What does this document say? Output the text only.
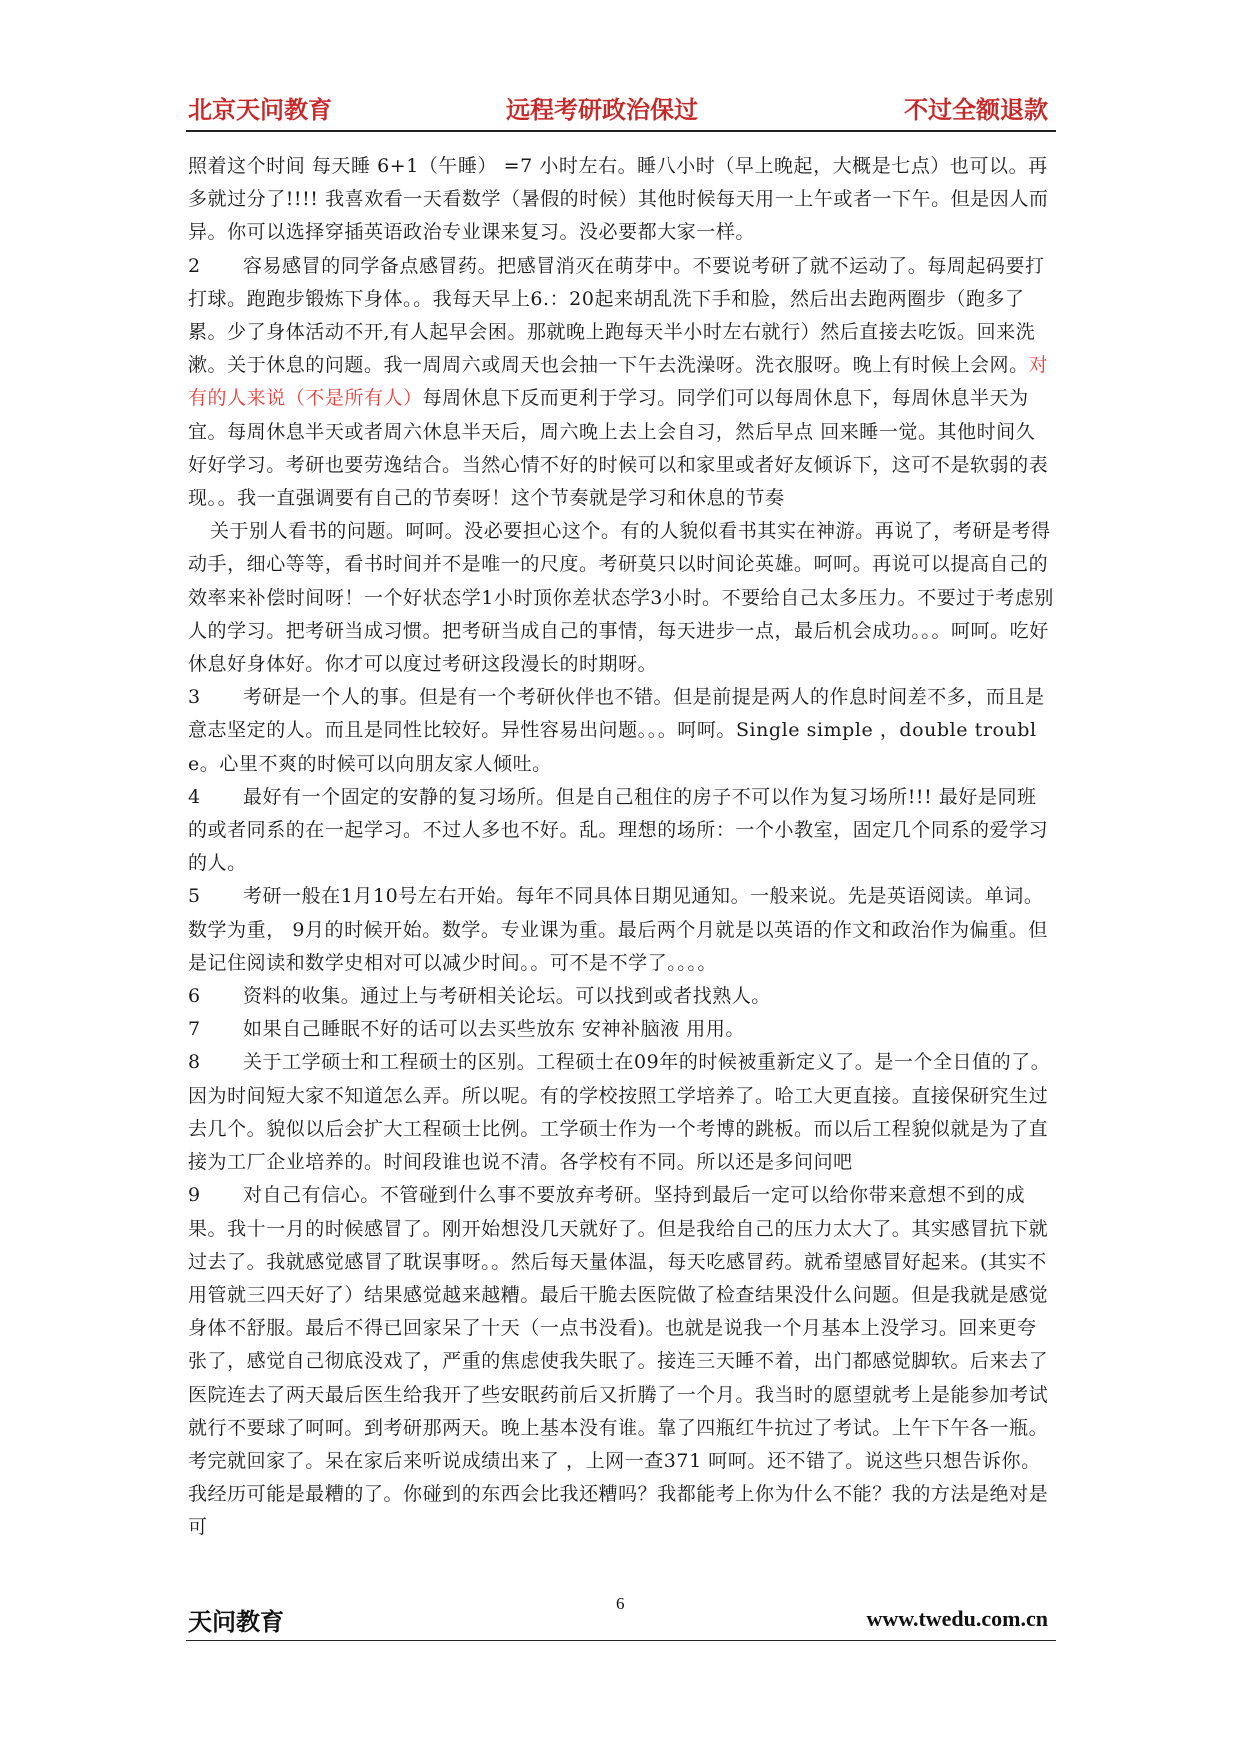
北京天问教育	远程考研政治保过	不过全额退款

照着这个时间 每天睡 6+1（午睡） =7 小时左右。睡八小时（早上晚起，大概是七点）也可以。再多就过分了!!!! 我喜欢看一天看数学（暑假的时候）其他时候每天用一上午或者一下午。但是因人而异。你可以选择穿插英语政治专业课来复习。没必要都大家一样。

2 容易感冒的同学备点感冒药。把感冒消灭在萌芽中。不要说考研了就不运动了。每周起码要打打球。跑跑步锻炼下身体。。我每天早上6.：20起来胡乱洗下手和脸，然后出去跑两圈步（跑多了累。少了身体活动不开,有人起早会困。那就晚上跑每天半小时左右就行）然后直接去吃饭。回来洗漱。关于休息的问题。我一周周六或周天也会抽一下午去洗澡呀。洗衣服呀。晚上有时候上会网。对有的人来说（不是所有人）每周休息下反而更利于学习。同学们可以每周休息下，每周休息半天为宜。每周休息半天或者周六休息半天后，周六晚上去上会自习，然后早点 回来睡一觉。其他时间久好好学习。考研也要劳逸结合。当然心情不好的时候可以和家里或者好友倾诉下，这可不是软弱的表现。。我一直强调要有自己的节奏呀！这个节奏就是学习和休息的节奏

关于别人看书的问题。呵呵。没必要担心这个。有的人貌似看书其实在神游。再说了，考研是考得动手，细心等等，看书时间并不是唯一的尺度。考研莫只以时间论英雄。呵呵。再说可以提高自己的效率来补偿时间呀！一个好状态学1小时顶你差状态学3小时。不要给自己太多压力。不要过于考虑别人的学习。把考研当成习惯。把考研当成自己的事情，每天进步一点，最后机会成功。。。呵呵。吃好休息好身体好。你才可以度过考研这段漫长的时期呀。

3 考研是一个人的事。但是有一个考研伙伴也不错。但是前提是两人的作息时间差不多，而且是意志坚定的人。而且是同性比较好。异性容易出问题。。。呵呵。Single simple ，double trouble。心里不爽的时候可以向朋友家人倾吐。

4 最好有一个固定的安静的复习场所。但是自己租住的房子不可以作为复习场所!!! 最好是同班的或者同系的在一起学习。不过人多也不好。乱。理想的场所：一个小教室，固定几个同系的爱学习的人。

5 考研一般在1月10号左右开始。每年不同具体日期见通知。一般来说。先是英语阅读。单词。数学为重， 9月的时候开始。数学。专业课为重。最后两个月就是以英语的作文和政治作为偏重。但是记住阅读和数学史相对可以减少时间。。可不是不学了。。。。

6 资料的收集。通过上与考研相关论坛。可以找到或者找熟人。

7 如果自己睡眠不好的话可以去买些放东 安神补脑液 用用。

8 关于工学硕士和工程硕士的区别。工程硕士在09年的时候被重新定义了。是一个全日值的了。因为时间短大家不知道怎么弄。所以呢。有的学校按照工学培养了。哈工大更直接。直接保研究生过去几个。貌似以后会扩大工程硕士比例。工学硕士作为一个考博的跳板。而以后工程貌似就是为了直接为工厂企业培养的。时间段谁也说不清。各学校有不同。所以还是多问问吧

9 对自己有信心。不管碰到什么事不要放弃考研。坚持到最后一定可以给你带来意想不到的成果。我十一月的时候感冒了。刚开始想没几天就好了。但是我给自己的压力太大了。其实感冒抗下就过去了。我就感觉感冒了耽误事呀。。然后每天量体温，每天吃感冒药。就希望感冒好起来。(其实不用管就三四天好了）结果感觉越来越糟。最后干脆去医院做了检查结果没什么问题。但是我就是感觉身体不舒服。最后不得已回家呆了十天（一点书没看)。也就是说我一个月基本上没学习。回来更夸张了，感觉自己彻底没戏了，严重的焦虑使我失眠了。接连三天睡不着，出门都感觉脚软。后来去了医院连去了两天最后医生给我开了些安眠药前后又折腾了一个月。我当时的愿望就考上是能参加考试就行不要球了呵呵。到考研那两天。晚上基本没有谁。靠了四瓶红牛抗过了考试。上午下午各一瓶。考完就回家了。呆在家后来听说成绩出来了 ，上网一查371 呵呵。还不错了。说这些只想告诉你。我经历可能是最糟的了。你碰到的东西会比我还糟吗？我都能考上你为什么不能？我的方法是绝对是可

天问教育
6
www.twedu.com.cn
